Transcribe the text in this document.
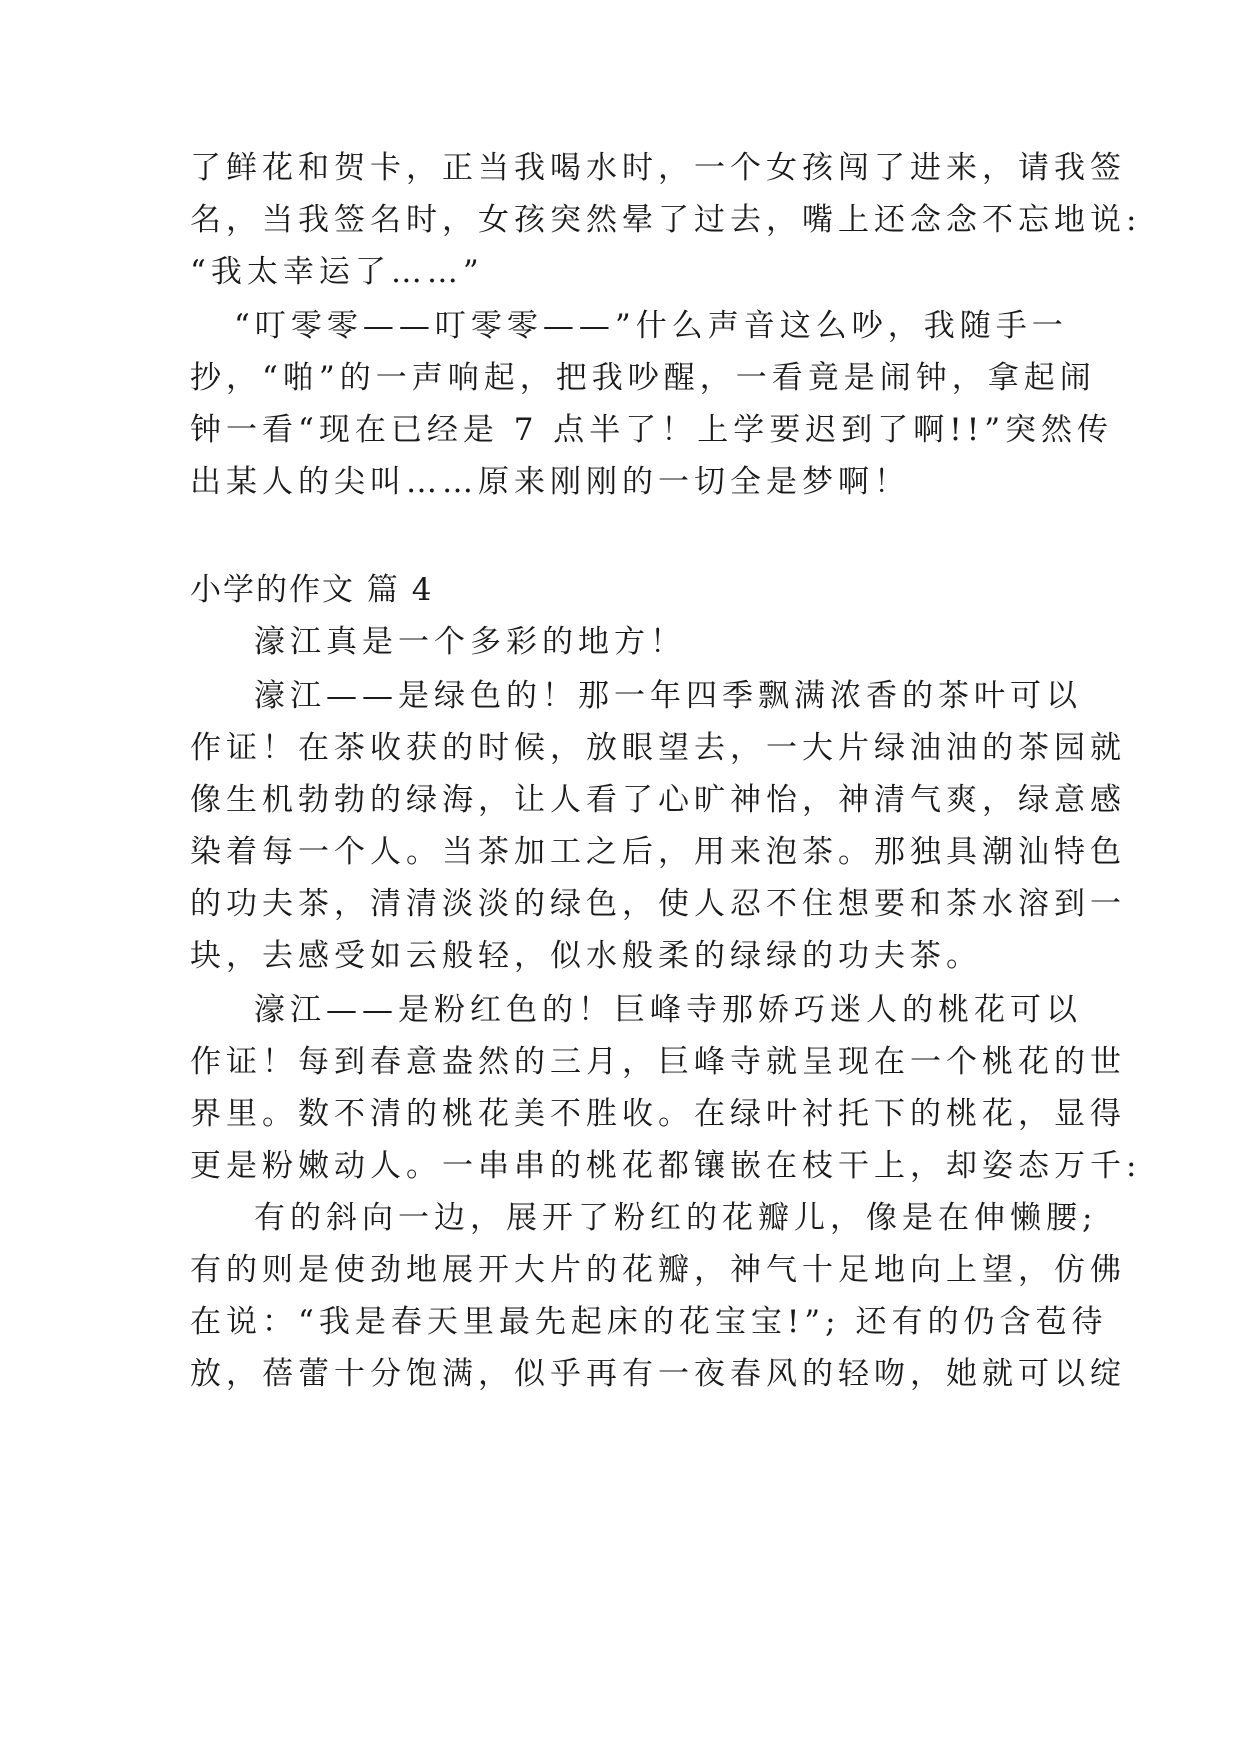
了鲜花和贺卡，正当我喝水时，一个女孩闯了进来，请我签
名，当我签名时，女孩突然晕了过去，嘴上还念念不忘地说:
“我太幸运了……”
“叮零零——叮零零——”什么声音这么吵，我随手一
抄，“啪”的一声响起，把我吵醒，一看竟是闹钟，拿起闹
钟一看“现在已经是 7 点半了！上学要迟到了啊!!”突然传
出某人的尖叫……原来刚刚的一切全是梦啊！
小学的作文 篇 4
濠江真是一个多彩的地方！
濠江——是绿色的！那一年四季飘满浓香的茶叶可以
作证！在茶收获的时候，放眼望去，一大片绿油油的茶园就
像生机勃勃的绿海，让人看了心旷神怡，神清气爽，绿意感
染着每一个人。当茶加工之后，用来泡茶。那独具潮汕特色
的功夫茶，清清淡淡的绿色，使人忍不住想要和茶水溶到一
块，去感受如云般轻，似水般柔的绿绿的功夫茶。
濠江——是粉红色的！巨峰寺那娇巧迷人的桃花可以
作证！每到春意盎然的三月，巨峰寺就呈现在一个桃花的世
界里。数不清的桃花美不胜收。在绿叶衬托下的桃花，显得
更是粉嫩动人。一串串的桃花都镶嵌在枝干上，却姿态万千:
有的斜向一边，展开了粉红的花瓣儿，像是在伸懒腰;
有的则是使劲地展开大片的花瓣，神气十足地向上望，仿佛
在说：“我是春天里最先起床的花宝宝!”; 还有的仍含苞待
放，蓓蕾十分饱满，似乎再有一夜春风的轻吻，她就可以绽
